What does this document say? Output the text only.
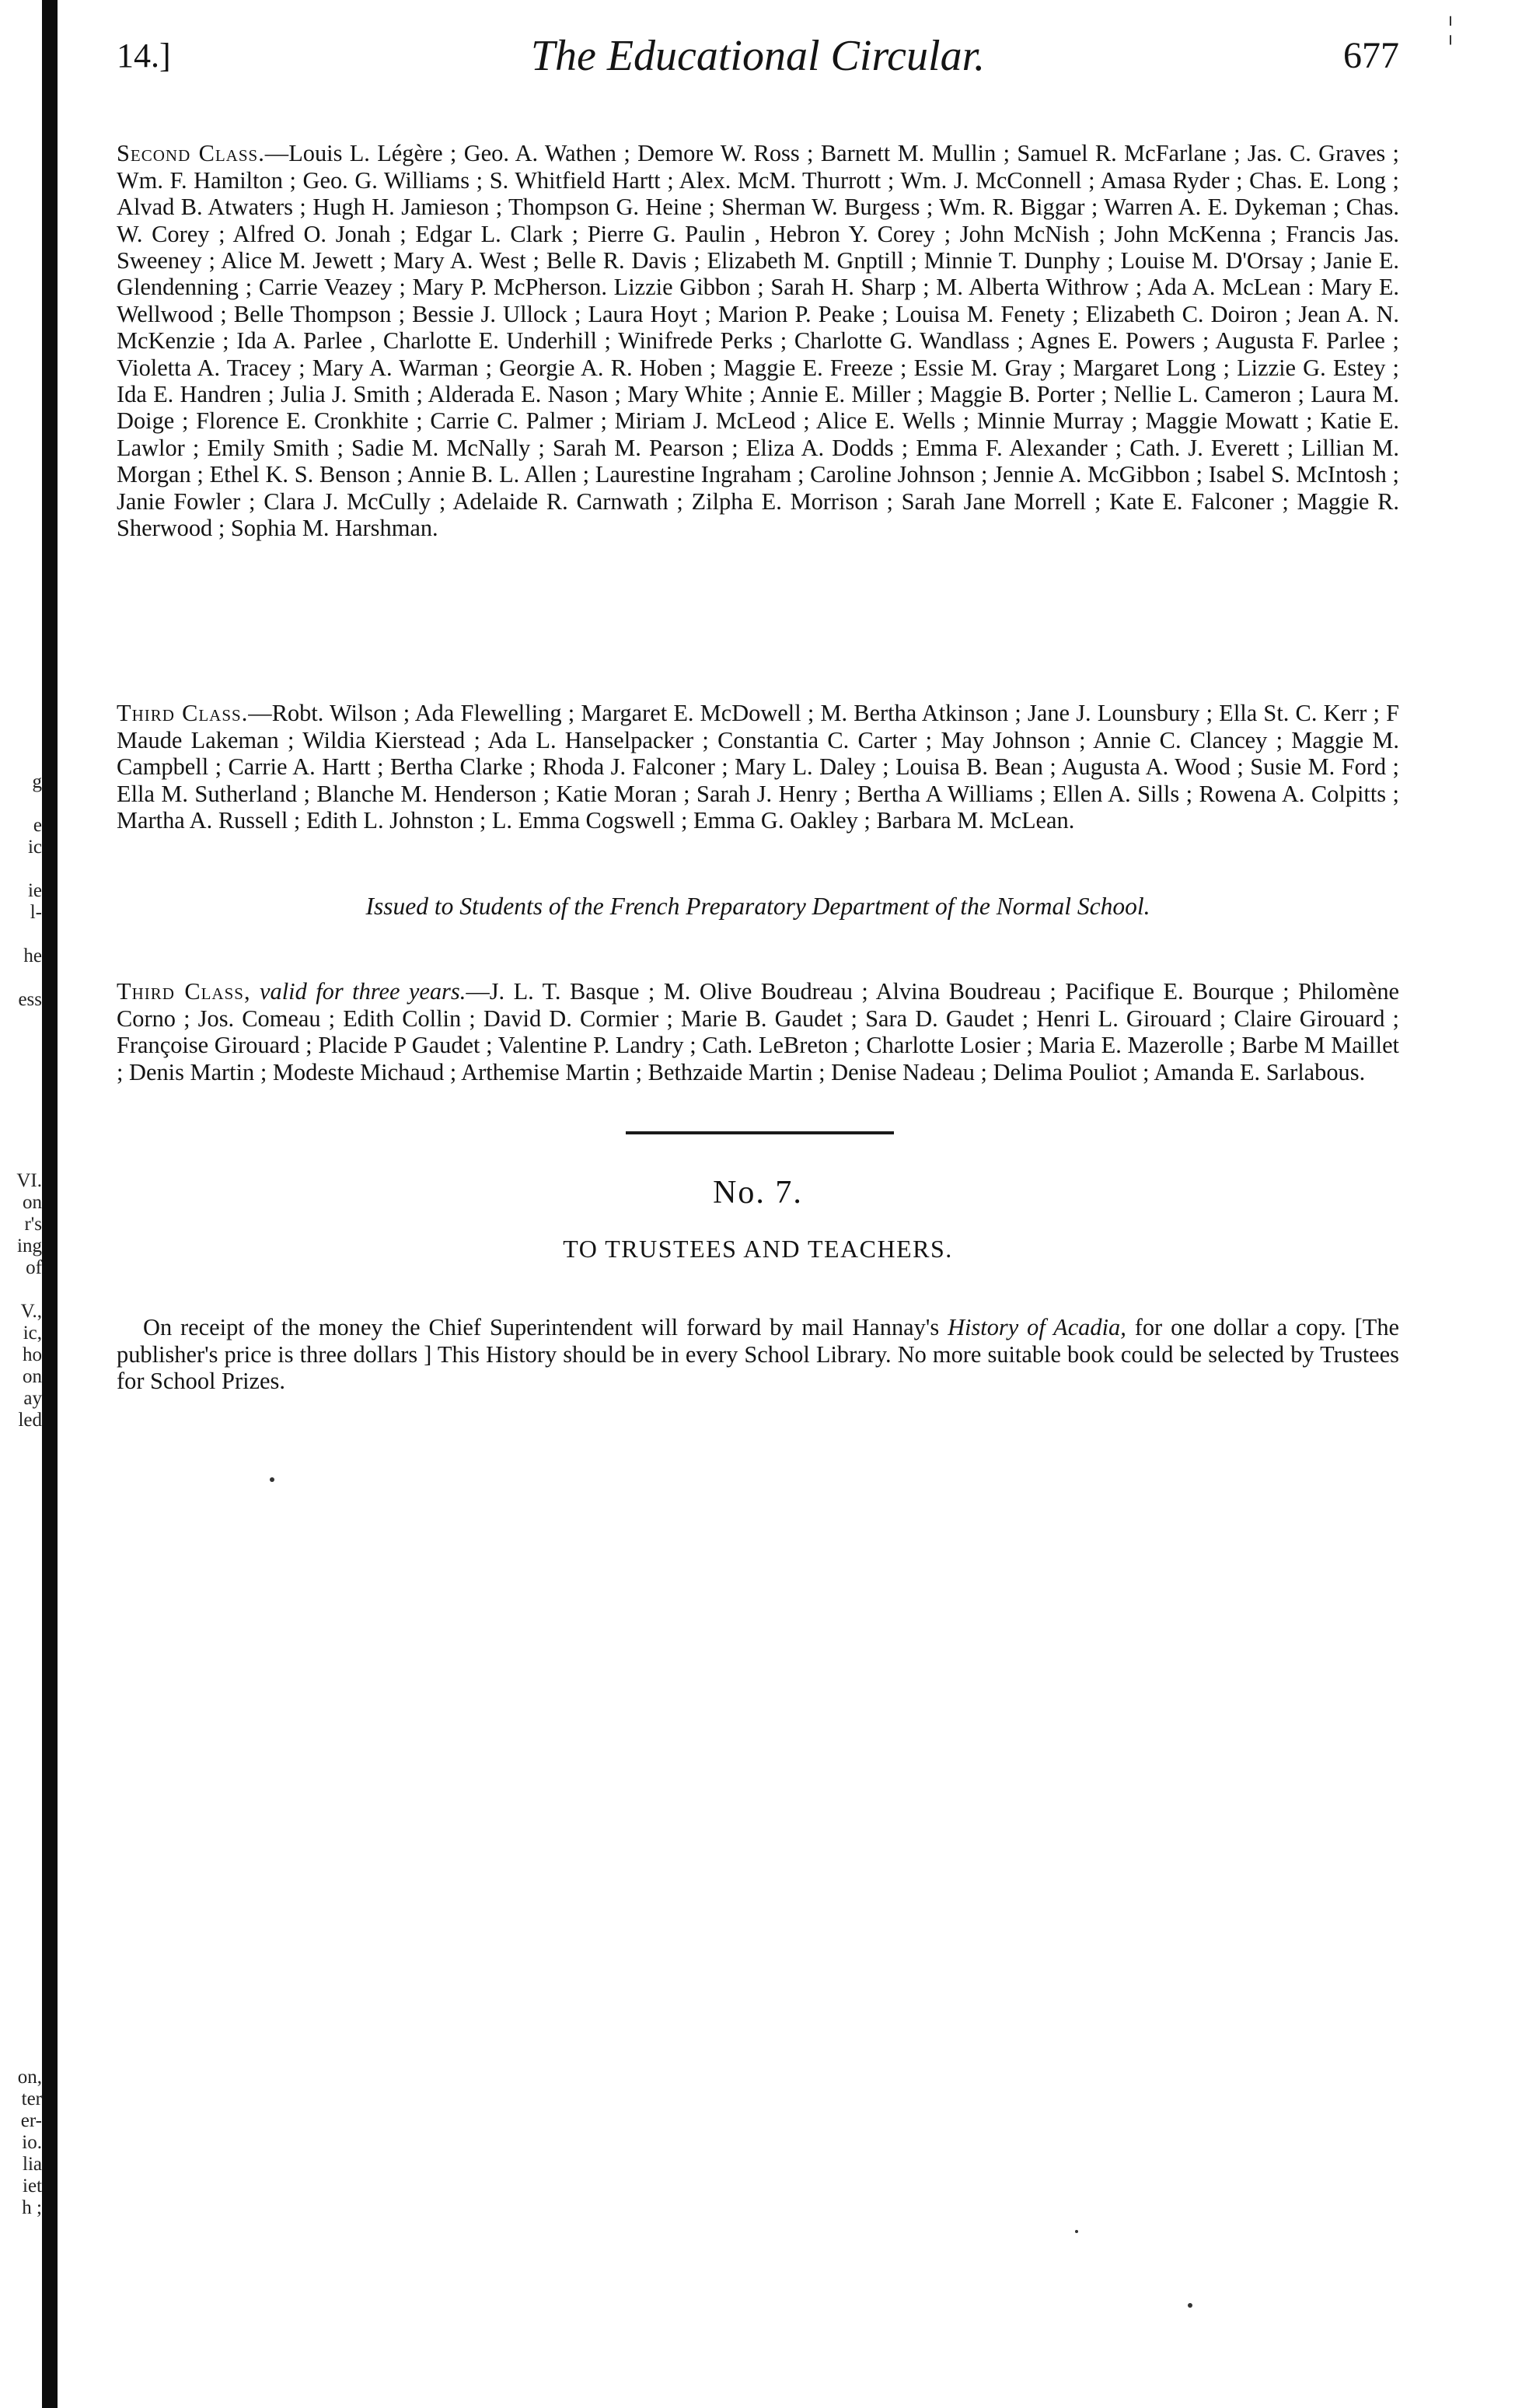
g

e
ic

ie
l-

he

ess
VI.
on
r's
ing
of

V.,
ic,
ho
on
ay
led
on,
ter
er-
io.
lia
iet
h ;
¦
14.]	The Educational Circular.	677

Second Class.—Louis L. Légère ; Geo. A. Wathen ; Demore W. Ross ; Barnett M. Mullin ; Samuel R. McFarlane ; Jas. C. Graves ; Wm. F. Hamilton ; Geo. G. Williams ; S. Whitfield Hartt ; Alex. McM. Thurrott ; Wm. J. McConnell ; Amasa Ryder ; Chas. E. Long ; Alvad B. Atwaters ; Hugh H. Jamieson ; Thompson G. Heine ; Sherman W. Burgess ; Wm. R. Biggar ; Warren A. E. Dykeman ; Chas. W. Corey ; Alfred O. Jonah ; Edgar L. Clark ; Pierre G. Paulin , Hebron Y. Corey ; John McNish ; John McKenna ; Francis Jas. Sweeney ; Alice M. Jewett ; Mary A. West ; Belle R. Davis ; Elizabeth M. Gnptill ; Minnie T. Dunphy ; Louise M. D'Orsay ; Janie E. Glendenning ; Carrie Veazey ; Mary P. McPherson. Lizzie Gibbon ; Sarah H. Sharp ; M. Alberta Withrow ; Ada A. McLean : Mary E. Wellwood ; Belle Thompson ; Bessie J. Ullock ; Laura Hoyt ; Marion P. Peake ; Louisa M. Fenety ; Elizabeth C. Doiron ; Jean A. N. McKenzie ; Ida A. Parlee , Charlotte E. Underhill ; Winifrede Perks ; Charlotte G. Wandlass ; Agnes E. Powers ; Augusta F. Parlee ; Violetta A. Tracey ; Mary A. Warman ; Georgie A. R. Hoben ; Maggie E. Freeze ; Essie M. Gray ; Margaret Long ; Lizzie G. Estey ; Ida E. Handren ; Julia J. Smith ; Alderada E. Nason ; Mary White ; Annie E. Miller ; Maggie B. Porter ; Nellie L. Cameron ; Laura M. Doige ; Florence E. Cronkhite ; Carrie C. Palmer ; Miriam J. McLeod ; Alice E. Wells ; Minnie Murray ; Maggie Mowatt ; Katie E. Lawlor ; Emily Smith ; Sadie M. McNally ; Sarah M. Pearson ; Eliza A. Dodds ; Emma F. Alexander ; Cath. J. Everett ; Lillian M. Morgan ; Ethel K. S. Benson ; Annie B. L. Allen ; Laurestine Ingraham ; Caroline Johnson ; Jennie A. McGibbon ; Isabel S. McIntosh ; Janie Fowler ; Clara J. McCully ; Adelaide R. Carnwath ; Zilpha E. Morrison ; Sarah Jane Morrell ; Kate E. Falconer ; Maggie R. Sherwood ; Sophia M. Harshman.

Third Class.—Robt. Wilson ; Ada Flewelling ; Margaret E. McDowell ; M. Bertha Atkinson ; Jane J. Lounsbury ; Ella St. C. Kerr ; F Maude Lakeman ; Wildia Kierstead ; Ada L. Hanselpacker ; Constantia C. Carter ; May Johnson ; Annie C. Clancey ; Maggie M. Campbell ; Carrie A. Hartt ; Bertha Clarke ; Rhoda J. Falconer ; Mary L. Daley ; Louisa B. Bean ; Augusta A. Wood ; Susie M. Ford ; Ella M. Sutherland ; Blanche M. Henderson ; Katie Moran ; Sarah J. Henry ; Bertha A Williams ; Ellen A. Sills ; Rowena A. Colpitts ; Martha A. Russell ; Edith L. Johnston ; L. Emma Cogswell ; Emma G. Oakley ; Barbara M. McLean.

Issued to Students of the French Preparatory Department of the Normal School.

Third Class, valid for three years.—J. L. T. Basque ; M. Olive Boudreau ; Alvina Boudreau ; Pacifique E. Bourque ; Philomène Corno ; Jos. Comeau ; Edith Collin ; David D. Cormier ; Marie B. Gaudet ; Sara D. Gaudet ; Henri L. Girouard ; Claire Girouard ; Françoise Girouard ; Placide P Gaudet ; Valentine P. Landry ; Cath. LeBreton ; Charlotte Losier ; Maria E. Mazerolle ; Barbe M Maillet ; Denis Martin ; Modeste Michaud ; Arthemise Martin ; Bethzaide Martin ; Denise Nadeau ; Delima Pouliot ; Amanda E. Sarlabous.

No. 7.
TO TRUSTEES AND TEACHERS.

On receipt of the money the Chief Superintendent will forward by mail Hannay's History of Acadia, for one dollar a copy. [The publisher's price is three dollars ] This History should be in every School Library. No more suitable book could be selected by Trustees for School Prizes.
